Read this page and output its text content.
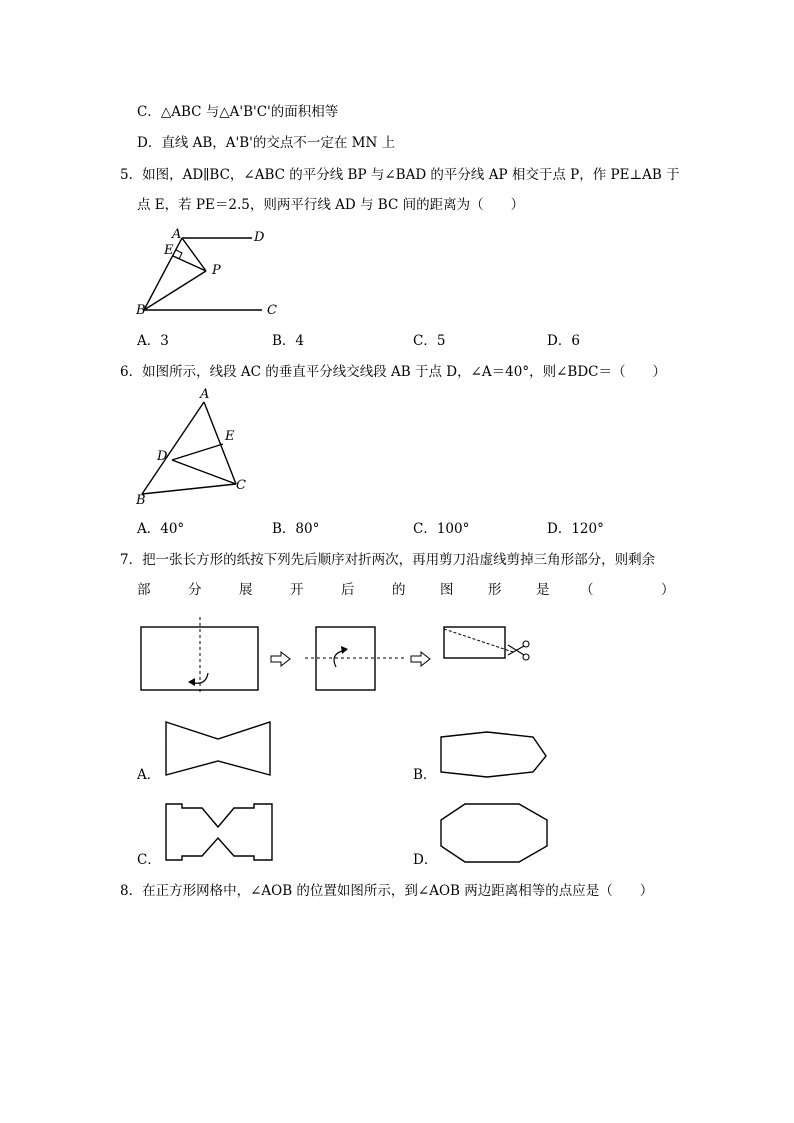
C．△ABC 与△A'B'C'的面积相等
D．直线 AB，A'B'的交点不一定在 MN 上
5．如图，AD∥BC，∠ABC 的平分线 BP 与∠BAD 的平分线 AP 相交于点 P，作 PE⊥AB 于
点 E，若 PE＝2.5，则两平行线 AD 与 BC 间的距离为（　　）
A	D
E
P
B	C
A．3	B．4	C．5	D．6
6．如图所示，线段 AC 的垂直平分线交线段 AB 于点 D，∠A＝40°，则∠BDC＝（　　）
A
E
D
C
B
A．40°	B．80°	C．100°	D．120°
7．把一张长方形的纸按下列先后顺序对折两次，再用剪刀沿虚线剪掉三角形部分，则剩余
部	分	展	开	后	的	图	形	是 （	）
A．	B．
C．	D．
8．在正方形网格中，∠AOB 的位置如图所示，到∠AOB 两边距离相等的点应是（　　）
